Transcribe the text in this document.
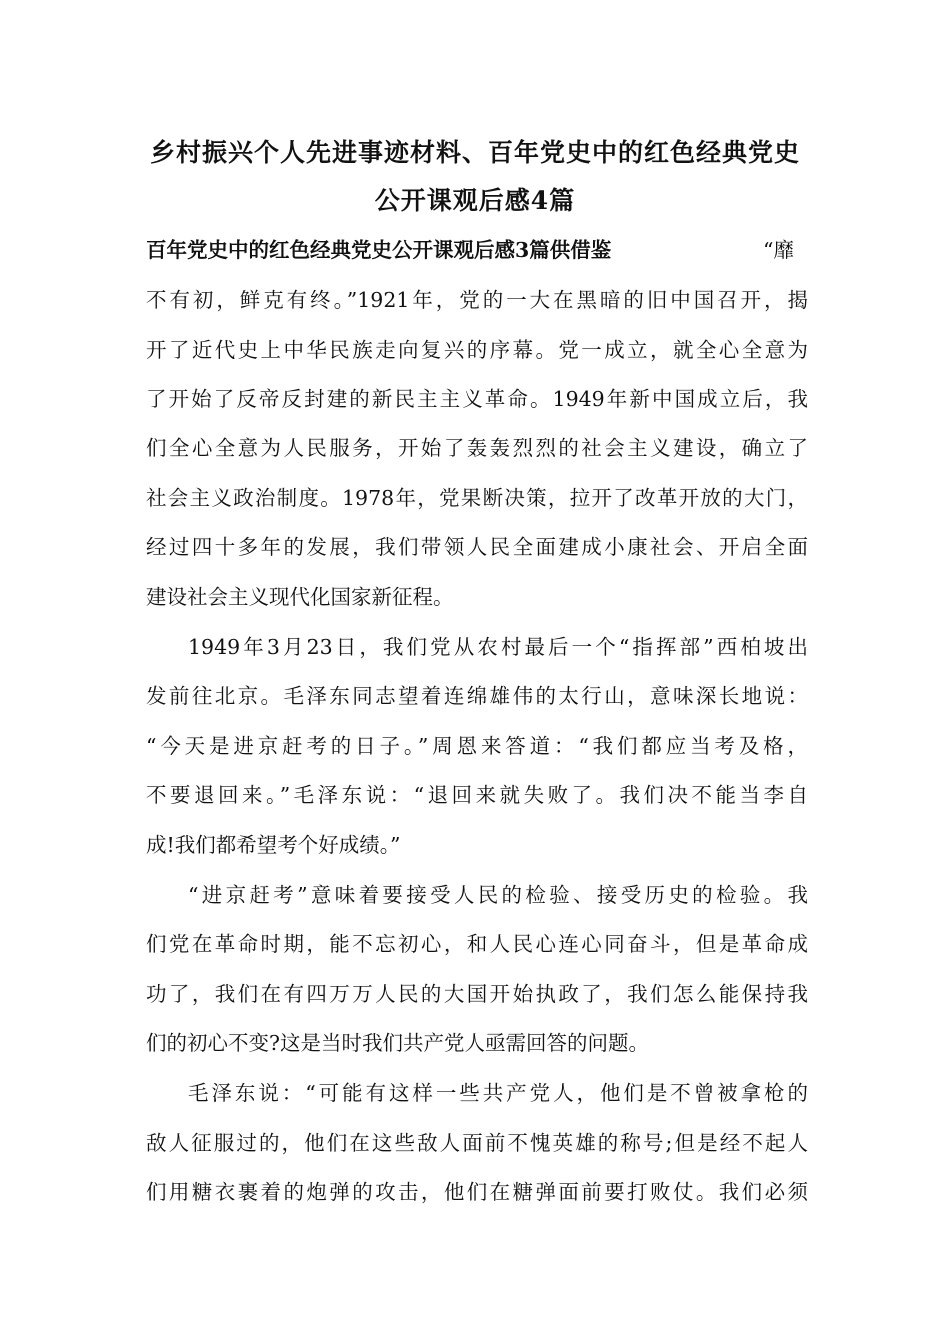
乡村振兴个人先进事迹材料、百年党史中的红色经典党史
公开课观后感4篇
百年党史中的红色经典党史公开课观后感3篇供借鉴	“靡

不有初，鲜克有终。”1921年，党的一大在黑暗的旧中国召开，揭

开了近代史上中华民族走向复兴的序幕。党一成立，就全心全意为

了开始了反帝反封建的新民主主义革命。1949年新中国成立后，我

们全心全意为人民服务，开始了轰轰烈烈的社会主义建设，确立了

社会主义政治制度。1978年，党果断决策，拉开了改革开放的大门，

经过四十多年的发展，我们带领人民全面建成小康社会、开启全面

建设社会主义现代化国家新征程。

1949年3月23日，我们党从农村最后一个“指挥部”西柏坡出

发前往北京。毛泽东同志望着连绵雄伟的太行山，意味深长地说：

“今天是进京赶考的日子。”周恩来答道：“我们都应当考及格，

不要退回来。”毛泽东说：“退回来就失败了。我们决不能当李自

成!我们都希望考个好成绩。”

“进京赶考”意味着要接受人民的检验、接受历史的检验。我

们党在革命时期，能不忘初心，和人民心连心同奋斗，但是革命成

功了，我们在有四万万人民的大国开始执政了，我们怎么能保持我

们的初心不变?这是当时我们共产党人亟需回答的问题。

毛泽东说：“可能有这样一些共产党人，他们是不曾被拿枪的

敌人征服过的，他们在这些敌人面前不愧英雄的称号;但是经不起人

们用糖衣裹着的炮弹的攻击，他们在糖弹面前要打败仗。我们必须
